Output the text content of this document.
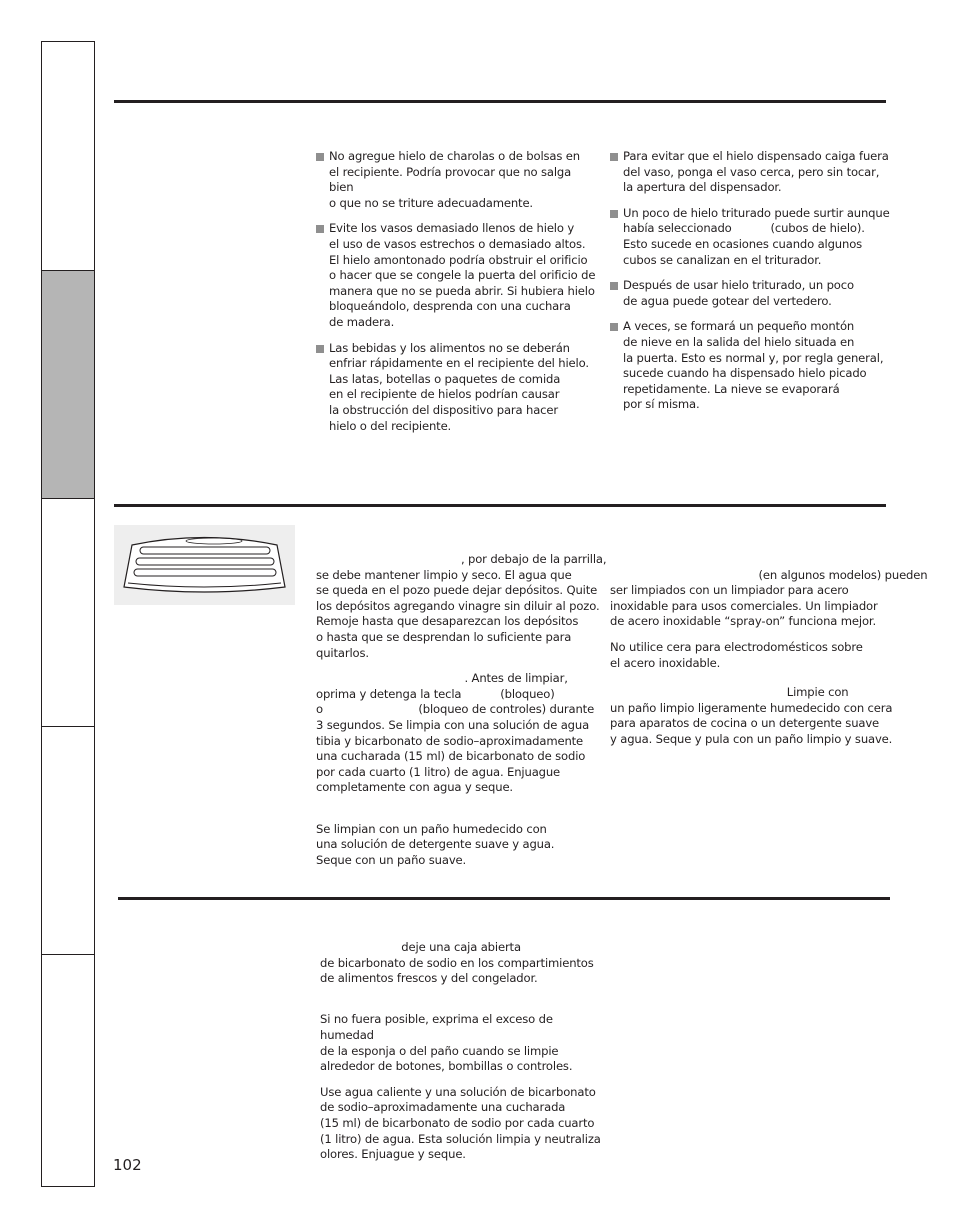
No agregue hielo de charolas o de bolsas en
el recipiente. Podría provocar que no salga bien
o que no se triture adecuadamente.
Evite los vasos demasiado llenos de hielo y
el uso de vasos estrechos o demasiado altos.
El hielo amontonado podría obstruir el orificio
o hacer que se congele la puerta del orificio de
manera que no se pueda abrir. Si hubiera hielo
bloqueándolo, desprenda con una cuchara
de madera.
Las bebidas y los alimentos no se deberán
enfriar rápidamente en el recipiente del hielo.
Las latas, botellas o paquetes de comida
en el recipiente de hielos podrían causar
la obstrucción del dispositivo para hacer
hielo o del recipiente.
Para evitar que el hielo dispensado caiga fuera
del vaso, ponga el vaso cerca, pero sin tocar,
la apertura del dispensador.
Un poco de hielo triturado puede surtir aunque
había seleccionado           (cubos de hielo).
Esto sucede en ocasiones cuando algunos
cubos se canalizan en el triturador.
Después de usar hielo triturado, un poco
de agua puede gotear del vertedero.
A veces, se formará un pequeño montón
de nieve en la salida del hielo situada en
la puerta. Esto es normal y, por regla general,
sucede cuando ha dispensado hielo picado
repetidamente. La nieve se evaporará
por sí misma.

, por debajo de la parrilla,
se debe mantener limpio y seco. El agua que
se queda en el pozo puede dejar depósitos. Quite
los depósitos agregando vinagre sin diluir al pozo.
Remoje hasta que desaparezcan los depósitos
o hasta que se desprendan lo suficiente para
quitarlos.

. Antes de limpiar,
oprima y detenga la tecla           (bloqueo)
o                           (bloqueo de controles) durante
3 segundos. Se limpia con una solución de agua
tibia y bicarbonato de sodio–aproximadamente
una cucharada (15 ml) de bicarbonato de sodio
por cada cuarto (1 litro) de agua. Enjuague
completamente con agua y seque.

Se limpian con un paño humedecido con
una solución de detergente suave y agua.
Seque con un paño suave.

(en algunos modelos) pueden
ser limpiados con un limpiador para acero
inoxidable para usos comerciales. Un limpiador
de acero inoxidable “spray-on” funciona mejor.

No utilice cera para electrodomésticos sobre
el acero inoxidable.

Limpie con
un paño limpio ligeramente humedecido con cera
para aparatos de cocina o un detergente suave
y agua. Seque y pula con un paño limpio y suave.

deje una caja abierta
de bicarbonato de sodio en los compartimientos
de alimentos frescos y del congelador.

Si no fuera posible, exprima el exceso de humedad
de la esponja o del paño cuando se limpie
alrededor de botones, bombillas o controles.

Use agua caliente y una solución de bicarbonato
de sodio–aproximadamente una cucharada
(15 ml) de bicarbonato de sodio por cada cuarto
(1 litro) de agua. Esta solución limpia y neutraliza
olores. Enjuague y seque.

102
